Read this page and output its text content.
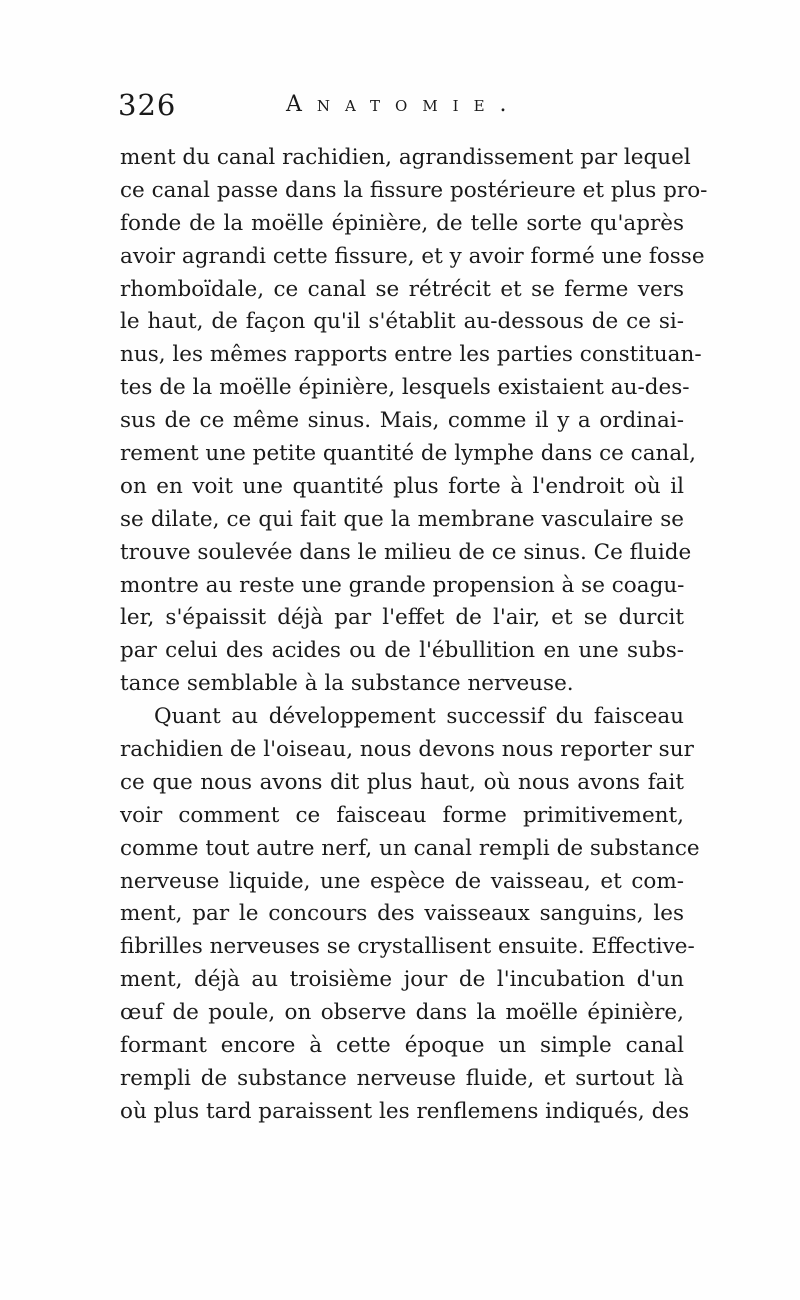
326	Anatomie.
ment du canal rachidien, agrandissement par lequel
ce canal passe dans la fissure postérieure et plus pro-
fonde de la moëlle épinière, de telle sorte qu'après
avoir agrandi cette fissure, et y avoir formé une fosse
rhomboïdale, ce canal se rétrécit et se ferme vers
le haut, de façon qu'il s'établit au-dessous de ce si-
nus, les mêmes rapports entre les parties constituan-
tes de la moëlle épinière, lesquels existaient au-des-
sus de ce même sinus. Mais, comme il y a ordinai-
rement une petite quantité de lymphe dans ce canal,
on en voit une quantité plus forte à l'endroit où il
se dilate, ce qui fait que la membrane vasculaire se
trouve soulevée dans le milieu de ce sinus. Ce fluide
montre au reste une grande propension à se coagu-
ler, s'épaissit déjà par l'effet de l'air, et se durcit
par celui des acides ou de l'ébullition en une subs-
tance semblable à la substance nerveuse.
Quant au développement successif du faisceau
rachidien de l'oiseau, nous devons nous reporter sur
ce que nous avons dit plus haut, où nous avons fait
voir comment ce faisceau forme primitivement,
comme tout autre nerf, un canal rempli de substance
nerveuse liquide, une espèce de vaisseau, et com-
ment, par le concours des vaisseaux sanguins, les
fibrilles nerveuses se crystallisent ensuite. Effective-
ment, déjà au troisième jour de l'incubation d'un
œuf de poule, on observe dans la moëlle épinière,
formant encore à cette époque un simple canal
rempli de substance nerveuse fluide, et surtout là
où plus tard paraissent les renflemens indiqués, des
